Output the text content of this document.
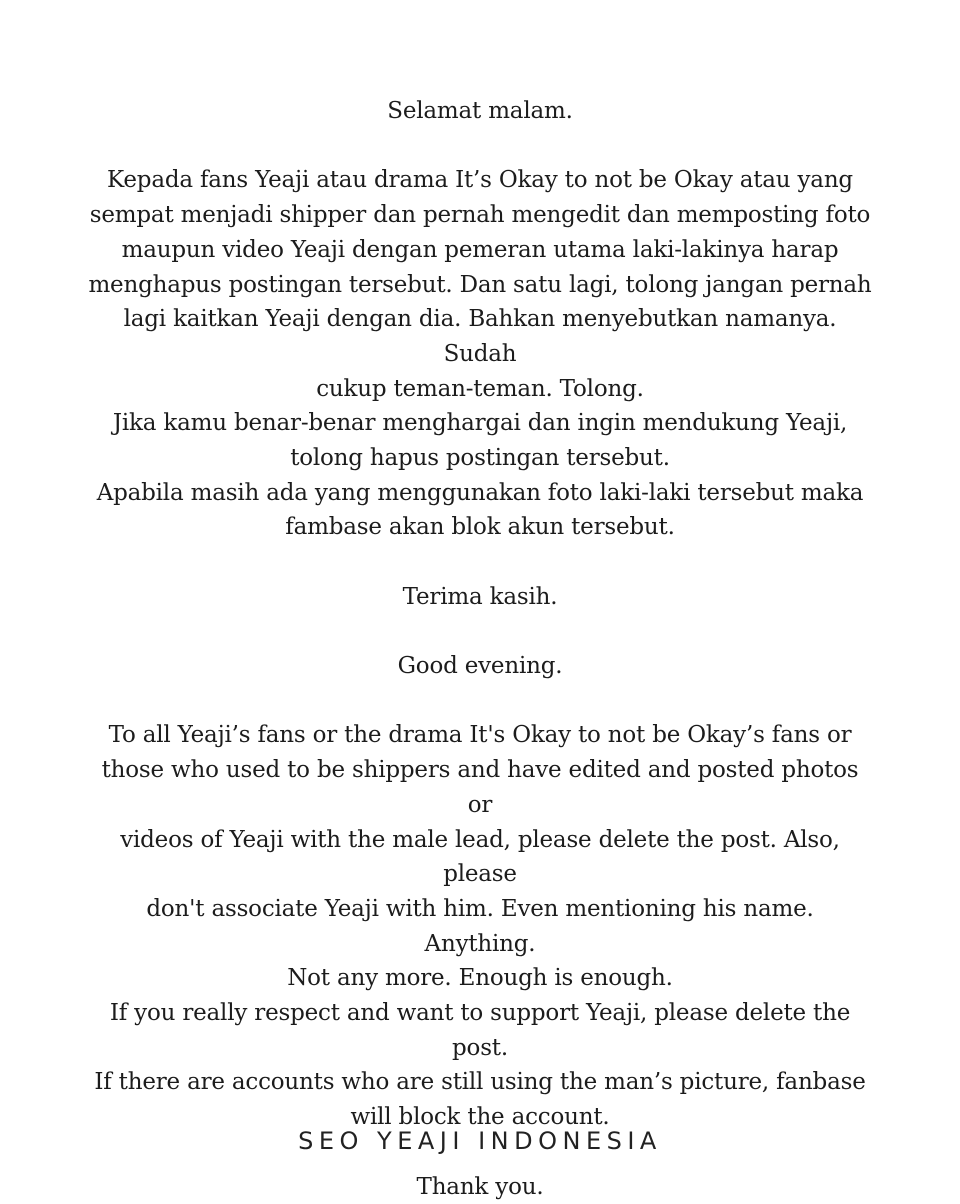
Selamat malam.

Kepada fans Yeaji atau drama It’s Okay to not be Okay atau yang

sempat menjadi shipper dan pernah mengedit dan memposting foto

maupun video Yeaji dengan pemeran utama laki-lakinya harap

menghapus postingan tersebut. Dan satu lagi, tolong jangan pernah

lagi kaitkan Yeaji dengan dia. Bahkan menyebutkan namanya. Sudah

cukup teman-teman. Tolong.

Jika kamu benar-benar menghargai dan ingin mendukung Yeaji,

tolong hapus postingan tersebut.

Apabila masih ada yang menggunakan foto laki-laki tersebut maka

fambase akan blok akun tersebut.

Terima kasih.

Good evening.

To all Yeaji’s fans or the drama It's Okay to not be Okay’s fans or

those who used to be shippers and have edited and posted photos or

videos of Yeaji with the male lead, please delete the post. Also, please

don't associate Yeaji with him. Even mentioning his name. Anything.

Not any more. Enough is enough.

If you really respect and want to support Yeaji, please delete the

post.

If there are accounts who are still using the man’s picture, fanbase

will block the account.

Thank you.

SEO YEAJI INDONESIA
